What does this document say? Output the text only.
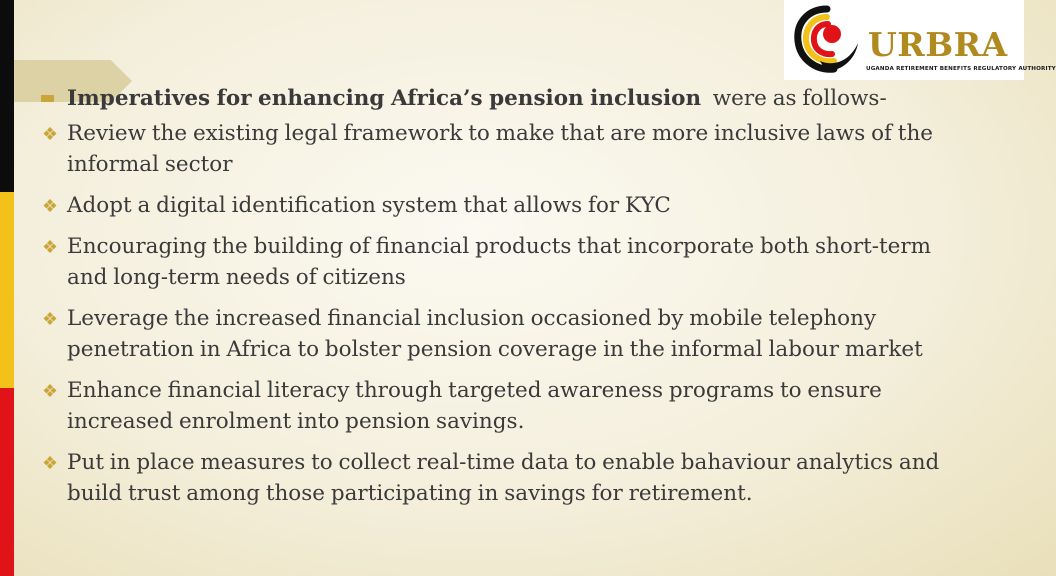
URBRA
UGANDA RETIREMENT BENEFITS REGULATORY AUTHORITY
Imperatives for enhancing Africa’s pension inclusion were as follows-
Review the existing legal framework to make that are more inclusive laws of the informal sector
Adopt a digital identification system that allows for KYC
Encouraging the building of financial products that incorporate both short-term and long-term needs of citizens
Leverage the increased financial inclusion occasioned by mobile telephony penetration in Africa to bolster pension coverage in the informal labour market
Enhance financial literacy through targeted awareness programs to ensure increased enrolment into pension savings.
Put in place measures to collect real-time data to enable bahaviour analytics and build trust among those participating in savings for retirement.
